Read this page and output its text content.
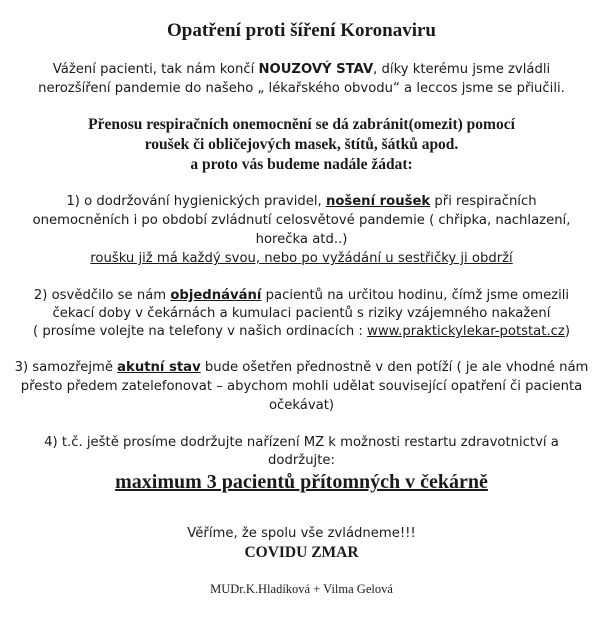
Opatření proti šíření Koronaviru
Vážení pacienti, tak nám končí NOUZOVÝ STAV, díky kterému jsme zvládli
nerozšíření pandemie do našeho „ lékařského obvodu“ a leccos jsme se přiučili.
Přenosu respiračních onemocnění se dá zabránit(omezit) pomocí
roušek či obličejových masek, štítů, šátků apod.
a proto vás budeme nadále žádat:
1) o dodržování hygienických pravidel, nošení roušek při respiračních
onemocněních i po období zvládnutí celosvětové pandemie ( chřipka, nachlazení,
horečka atd..)
roušku již má každý svou, nebo po vyžádání u sestřičky ji obdrží
2) osvědčilo se nám objednávání pacientů na určitou hodinu, čímž jsme omezili
čekací doby v čekárnách a kumulaci pacientů s riziky vzájemného nakažení
( prosíme volejte na telefony v našich ordinacích : www.praktickylekar-potstat.cz)
3) samozřejmě akutní stav bude ošetřen přednostně v den potíží ( je ale vhodné nám
přesto předem zatelefonovat – abychom mohli udělat související opatření či pacienta
očekávat)
4) t.č. ještě prosíme dodržujte nařízení MZ k možnosti restartu zdravotnictví a
dodržujte:
maximum 3 pacientů přítomných v čekárně
Věříme, že spolu vše zvládneme!!!
COVIDU ZMAR
MUDr.K.Hladíková + Vilma Gelová
